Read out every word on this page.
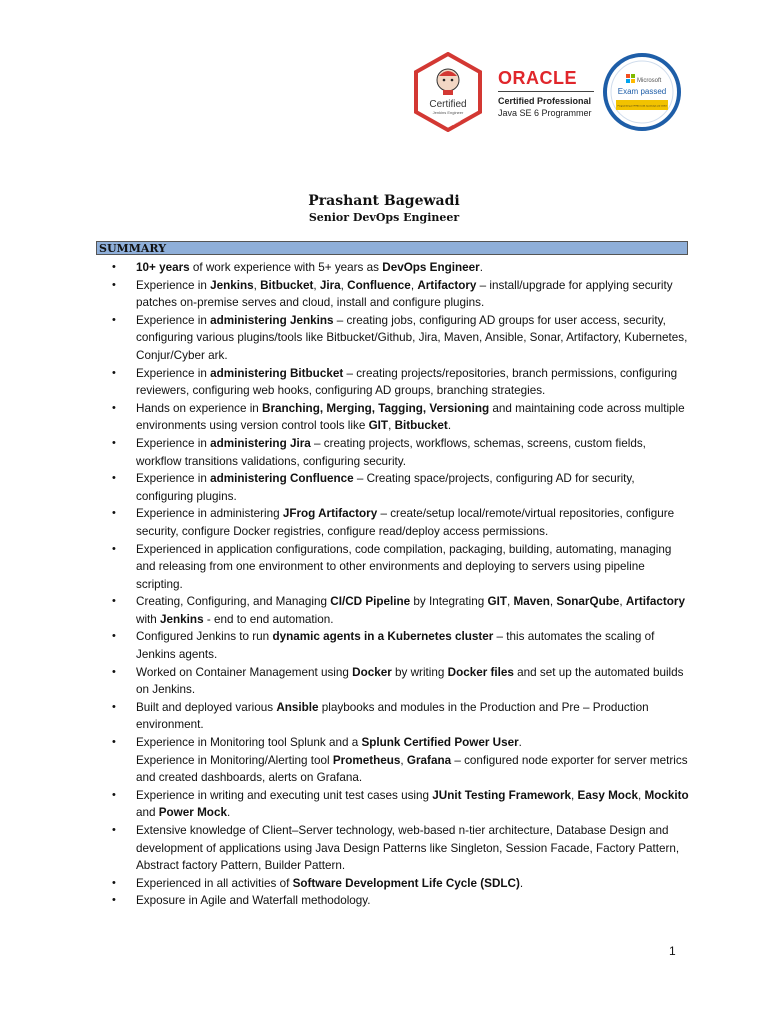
Certified
Jenkins Engineer
2021
ORACLE
Certified Professional
Java SE 6 Programmer
Microsoft
Exam passed
Programming in HTML5 with JavaScript and CSS3
Prashant Bagewadi
Senior DevOps Engineer
SUMMARY
• 10+ years of work experience with 5+ years as DevOps Engineer.
• Experience in Jenkins, Bitbucket, Jira, Confluence, Artifactory – install/upgrade for applying security patches on-premise serves and cloud, install and configure plugins.
• Experience in administering Jenkins – creating jobs, configuring AD groups for user access, security, configuring various plugins/tools like Bitbucket/Github, Jira, Maven, Ansible, Sonar, Artifactory, Kubernetes, Conjur/Cyber ark.
• Experience in administering Bitbucket – creating projects/repositories, branch permissions, configuring reviewers, configuring web hooks, configuring AD groups, branching strategies.
• Hands on experience in Branching, Merging, Tagging, Versioning and maintaining code across multiple environments using version control tools like GIT, Bitbucket.
• Experience in administering Jira – creating projects, workflows, schemas, screens, custom fields, workflow transitions validations, configuring security.
• Experience in administering Confluence – Creating space/projects, configuring AD for security, configuring plugins.
• Experience in administering JFrog Artifactory – create/setup local/remote/virtual repositories, configure security, configure Docker registries, configure read/deploy access permissions.
• Experienced in application configurations, code compilation, packaging, building, automating, managing and releasing from one environment to other environments and deploying to servers using pipeline scripting.
• Creating, Configuring, and Managing CI/CD Pipeline by Integrating GIT, Maven, SonarQube, Artifactory with Jenkins - end to end automation.
• Configured Jenkins to run dynamic agents in a Kubernetes cluster – this automates the scaling of Jenkins agents.
• Worked on Container Management using Docker by writing Docker files and set up the automated builds on Jenkins.
• Built and deployed various Ansible playbooks and modules in the Production and Pre – Production environment.
• Experience in Monitoring tool Splunk and a Splunk Certified Power User.
Experience in Monitoring/Alerting tool Prometheus, Grafana – configured node exporter for server metrics and created dashboards, alerts on Grafana.
• Experience in writing and executing unit test cases using JUnit Testing Framework, Easy Mock, Mockito and Power Mock.
• Extensive knowledge of Client–Server technology, web-based n-tier architecture, Database Design and development of applications using Java Design Patterns like Singleton, Session Facade, Factory Pattern, Abstract factory Pattern, Builder Pattern.
• Experienced in all activities of Software Development Life Cycle (SDLC).
• Exposure in Agile and Waterfall methodology.
1
